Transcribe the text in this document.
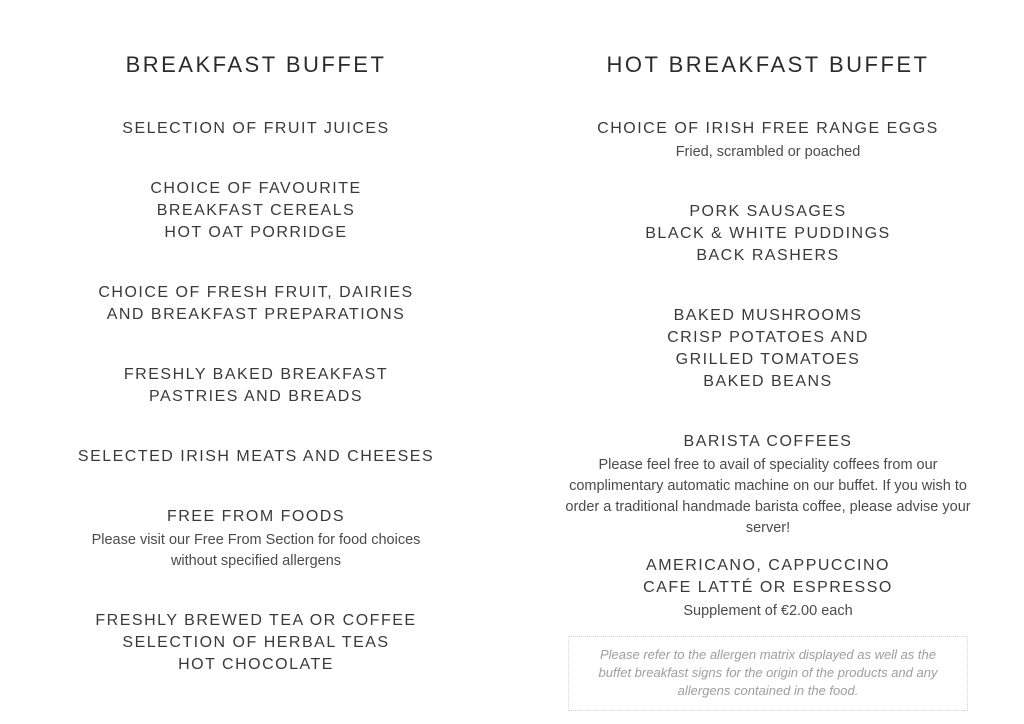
BREAKFAST BUFFET
SELECTION OF FRUIT JUICES
CHOICE OF FAVOURITE
BREAKFAST CEREALS
HOT OAT PORRIDGE
CHOICE OF FRESH FRUIT, DAIRIES
AND BREAKFAST PREPARATIONS
FRESHLY BAKED BREAKFAST
PASTRIES AND BREADS
SELECTED IRISH MEATS AND CHEESES
FREE FROM FOODS
Please visit our Free From Section for food choices without specified allergens
FRESHLY BREWED TEA OR COFFEE
SELECTION OF HERBAL TEAS
HOT CHOCOLATE
HOT BREAKFAST BUFFET
CHOICE OF IRISH FREE RANGE EGGS
Fried, scrambled or poached
PORK SAUSAGES
BLACK & WHITE PUDDINGS
BACK RASHERS
BAKED MUSHROOMS
CRISP POTATOES AND
GRILLED TOMATOES
BAKED BEANS
BARISTA COFFEES
Please feel free to avail of speciality coffees from our complimentary automatic machine on our buffet. If you wish to order a traditional handmade barista coffee, please advise your server!
AMERICANO, CAPPUCCINO
CAFE LATTÉ OR ESPRESSO
Supplement of €2.00 each
Please refer to the allergen matrix displayed as well as the buffet breakfast signs for the origin of the products and any allergens contained in the food.
